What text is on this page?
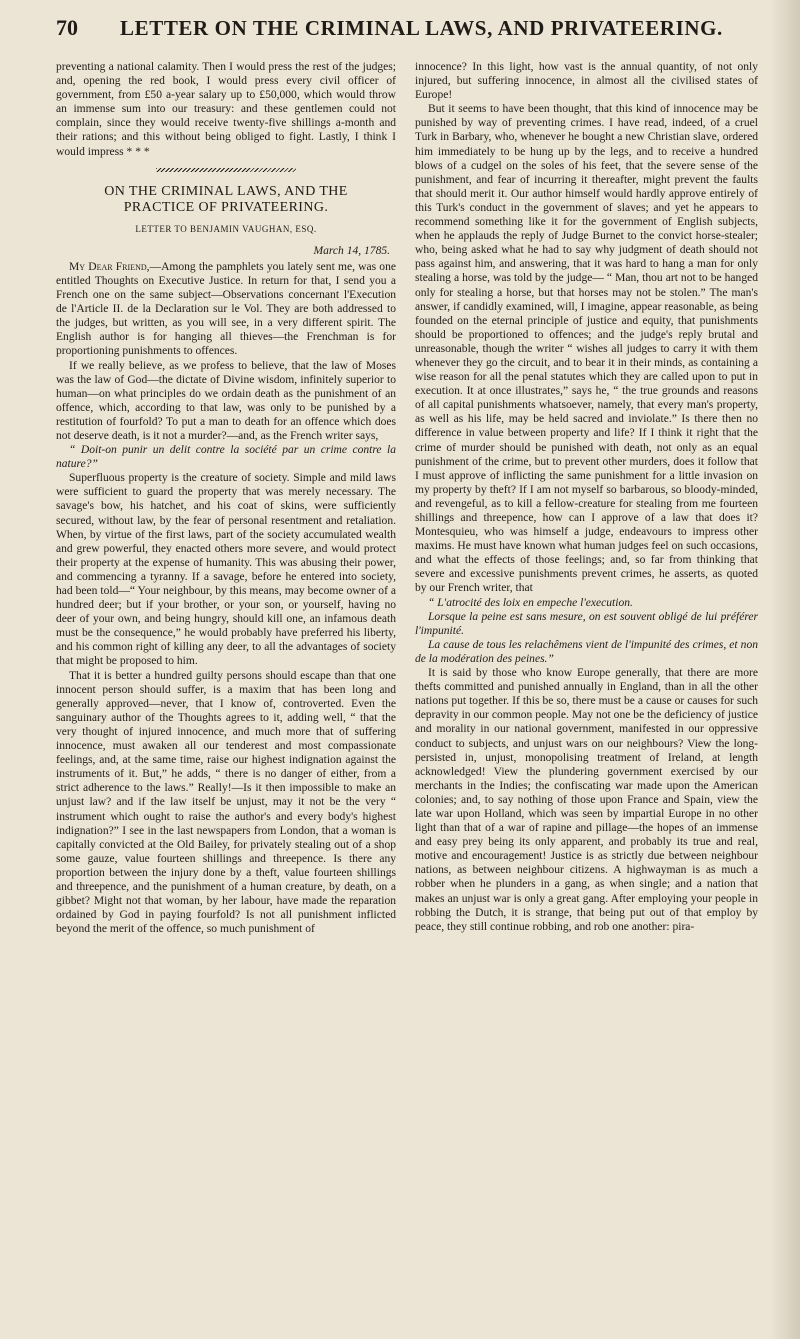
70	LETTER ON THE CRIMINAL LAWS, AND PRIVATEERING.

preventing a national calamity. Then I would press the rest of the judges; and, opening the red book, I would press every civil officer of government, from £50 a-year salary up to £50,000, which would throw an immense sum into our treasury: and these gentlemen could not complain, since they would receive twenty-five shillings a-month and their rations; and this without being obliged to fight. Lastly, I think I would impress * * *

ON THE CRIMINAL LAWS, AND THE
PRACTICE OF PRIVATEERING.
LETTER TO BENJAMIN VAUGHAN, ESQ.
March 14, 1785.

My Dear Friend,—Among the pamphlets you lately sent me, was one entitled Thoughts on Executive Justice. In return for that, I send you a French one on the same subject—Observations concernant l'Execution de l'Article II. de la Declaration sur le Vol. They are both addressed to the judges, but written, as you will see, in a very different spirit. The English author is for hanging all thieves—the Frenchman is for proportioning punishments to offences.

If we really believe, as we profess to believe, that the law of Moses was the law of God—the dictate of Divine wisdom, infinitely superior to human—on what principles do we ordain death as the punishment of an offence, which, according to that law, was only to be punished by a restitution of fourfold? To put a man to death for an offence which does not deserve death, is it not a murder?—and, as the French writer says,

“ Doit-on punir un delit contre la société par un crime contre la nature?”

Superfluous property is the creature of society. Simple and mild laws were sufficient to guard the property that was merely necessary. The savage's bow, his hatchet, and his coat of skins, were sufficiently secured, without law, by the fear of personal resentment and retaliation. When, by virtue of the first laws, part of the society accumulated wealth and grew powerful, they enacted others more severe, and would protect their property at the expense of humanity. This was abusing their power, and commencing a tyranny. If a savage, before he entered into society, had been told—“ Your neighbour, by this means, may become owner of a hundred deer; but if your brother, or your son, or yourself, having no deer of your own, and being hungry, should kill one, an infamous death must be the consequence,” he would probably have preferred his liberty, and his common right of killing any deer, to all the advantages of society that might be proposed to him.

That it is better a hundred guilty persons should escape than that one innocent person should suffer, is a maxim that has been long and generally approved—never, that I know of, controverted. Even the sanguinary author of the Thoughts agrees to it, adding well, “ that the very thought of injured innocence, and much more that of suffering innocence, must awaken all our tenderest and most compassionate feelings, and, at the same time, raise our highest indignation against the instruments of it. But,” he adds, “ there is no danger of either, from a strict adherence to the laws.” Really!—Is it then impossible to make an unjust law? and if the law itself be unjust, may it not be the very “ instrument which ought to raise the author's and every body's highest indignation?” I see in the last newspapers from London, that a woman is capitally convicted at the Old Bailey, for privately stealing out of a shop some gauze, value fourteen shillings and threepence. Is there any proportion between the injury done by a theft, value fourteen shillings and threepence, and the punishment of a human creature, by death, on a gibbet? Might not that woman, by her labour, have made the reparation ordained by God in paying fourfold? Is not all punishment inflicted beyond the merit of the offence, so much punishment of

innocence? In this light, how vast is the annual quantity, of not only injured, but suffering innocence, in almost all the civilised states of Europe!

But it seems to have been thought, that this kind of innocence may be punished by way of preventing crimes. I have read, indeed, of a cruel Turk in Barbary, who, whenever he bought a new Christian slave, ordered him immediately to be hung up by the legs, and to receive a hundred blows of a cudgel on the soles of his feet, that the severe sense of the punishment, and fear of incurring it thereafter, might prevent the faults that should merit it. Our author himself would hardly approve entirely of this Turk's conduct in the government of slaves; and yet he appears to recommend something like it for the government of English subjects, when he applauds the reply of Judge Burnet to the convict horse-stealer; who, being asked what he had to say why judgment of death should not pass against him, and answering, that it was hard to hang a man for only stealing a horse, was told by the judge— “ Man, thou art not to be hanged only for stealing a horse, but that horses may not be stolen.” The man's answer, if candidly examined, will, I imagine, appear reasonable, as being founded on the eternal principle of justice and equity, that punishments should be proportioned to offences; and the judge's reply brutal and unreasonable, though the writer “ wishes all judges to carry it with them whenever they go the circuit, and to bear it in their minds, as containing a wise reason for all the penal statutes which they are called upon to put in execution. It at once illustrates,” says he, “ the true grounds and reasons of all capital punishments whatsoever, namely, that every man's property, as well as his life, may be held sacred and inviolate.” Is there then no difference in value between property and life? If I think it right that the crime of murder should be punished with death, not only as an equal punishment of the crime, but to prevent other murders, does it follow that I must approve of inflicting the same punishment for a little invasion on my property by theft? If I am not myself so barbarous, so bloody-minded, and revengeful, as to kill a fellow-creature for stealing from me fourteen shillings and threepence, how can I approve of a law that does it? Montesquieu, who was himself a judge, endeavours to impress other maxims. He must have known what human judges feel on such occasions, and what the effects of those feelings; and, so far from thinking that severe and excessive punishments prevent crimes, he asserts, as quoted by our French writer, that

“ L'atrocité des loix en empeche l'execution.

Lorsque la peine est sans mesure, on est souvent obligé de lui préférer l'impunité.

La cause de tous les relachêmens vient de l'impunité des crimes, et non de la modération des peines.”

It is said by those who know Europe generally, that there are more thefts committed and punished annually in England, than in all the other nations put together. If this be so, there must be a cause or causes for such depravity in our common people. May not one be the deficiency of justice and morality in our national government, manifested in our oppressive conduct to subjects, and unjust wars on our neighbours? View the long-persisted in, unjust, monopolising treatment of Ireland, at length acknowledged! View the plundering government exercised by our merchants in the Indies; the confiscating war made upon the American colonies; and, to say nothing of those upon France and Spain, view the late war upon Holland, which was seen by impartial Europe in no other light than that of a war of rapine and pillage—the hopes of an immense and easy prey being its only apparent, and probably its true and real, motive and encouragement! Justice is as strictly due between neighbour nations, as between neighbour citizens. A highwayman is as much a robber when he plunders in a gang, as when single; and a nation that makes an unjust war is only a great gang. After employing your people in robbing the Dutch, it is strange, that being put out of that employ by peace, they still continue robbing, and rob one another: pira-
